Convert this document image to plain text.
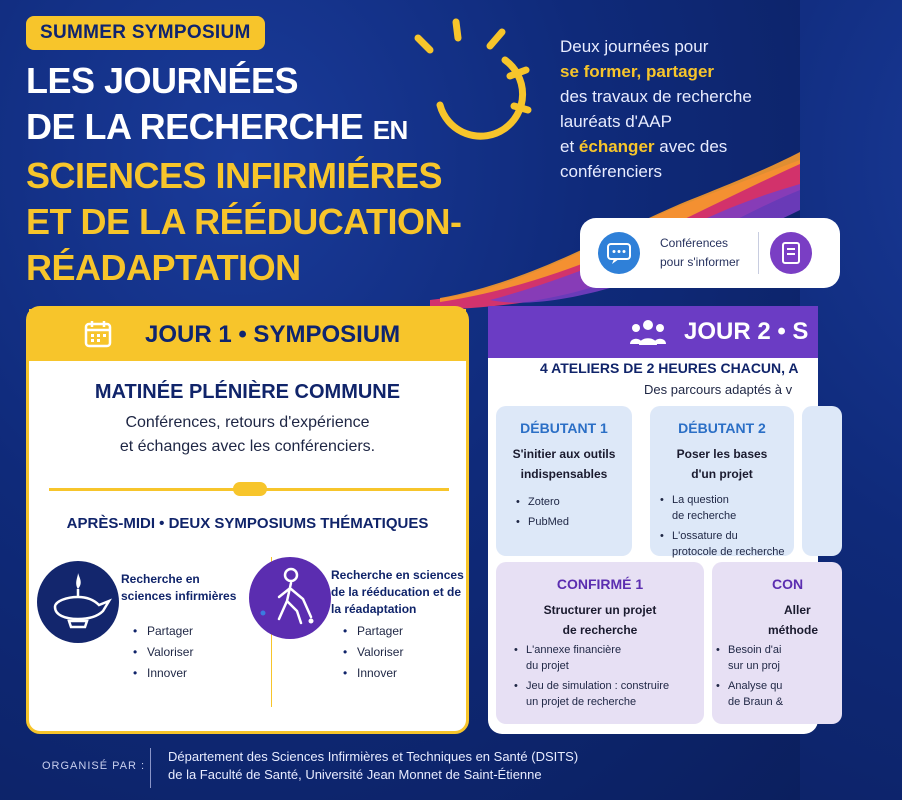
SUMMER SYMPOSIUM
LES JOURNÉES
DE LA RECHERCHE EN
SCIENCES INFIRMIÉRES
ET DE LA RÉÉDUCATION-
RÉADAPTATION
Deux journées pour
se former, partager
des travaux de recherche
lauréats d'AAP
et échanger avec des
conférenciers
Conférences
pour s'informer
JOUR 1 • SYMPOSIUM
MATINÉE PLÉNIÈRE COMMUNE
Conférences, retours d'expérience
et échanges avec les conférenciers.
APRÈS-MIDI • DEUX SYMPOSIUMS THÉMATIQUES
Recherche en
sciences infirmières
• Partager
• Valoriser
• Innover
Recherche en sciences
de la rééducation et de
la réadaptation
• Partager
• Valoriser
• Innover
JOUR 2 • S
4 ATELIERS DE 2 HEURES CHACUN, A
Des parcours adaptés à v
DÉBUTANT 1
S'initier aux outils
indispensables
• Zotero
• PubMed
DÉBUTANT 2
Poser les bases
d'un projet
• La question
de recherche
• L'ossature du
protocole de recherche
CONFIRMÉ 1
Structurer un projet
de recherche
• L'annexe financière
du projet
• Jeu de simulation : construire
un projet de recherche
CON
Aller
méthode
• Besoin d'ai
sur un proj
• Analyse qu
de Braun &
ORGANISÉ PAR :
Département des Sciences Infirmières et Techniques en Santé (DSITS)
de la Faculté de Santé, Université Jean Monnet de Saint-Étienne
